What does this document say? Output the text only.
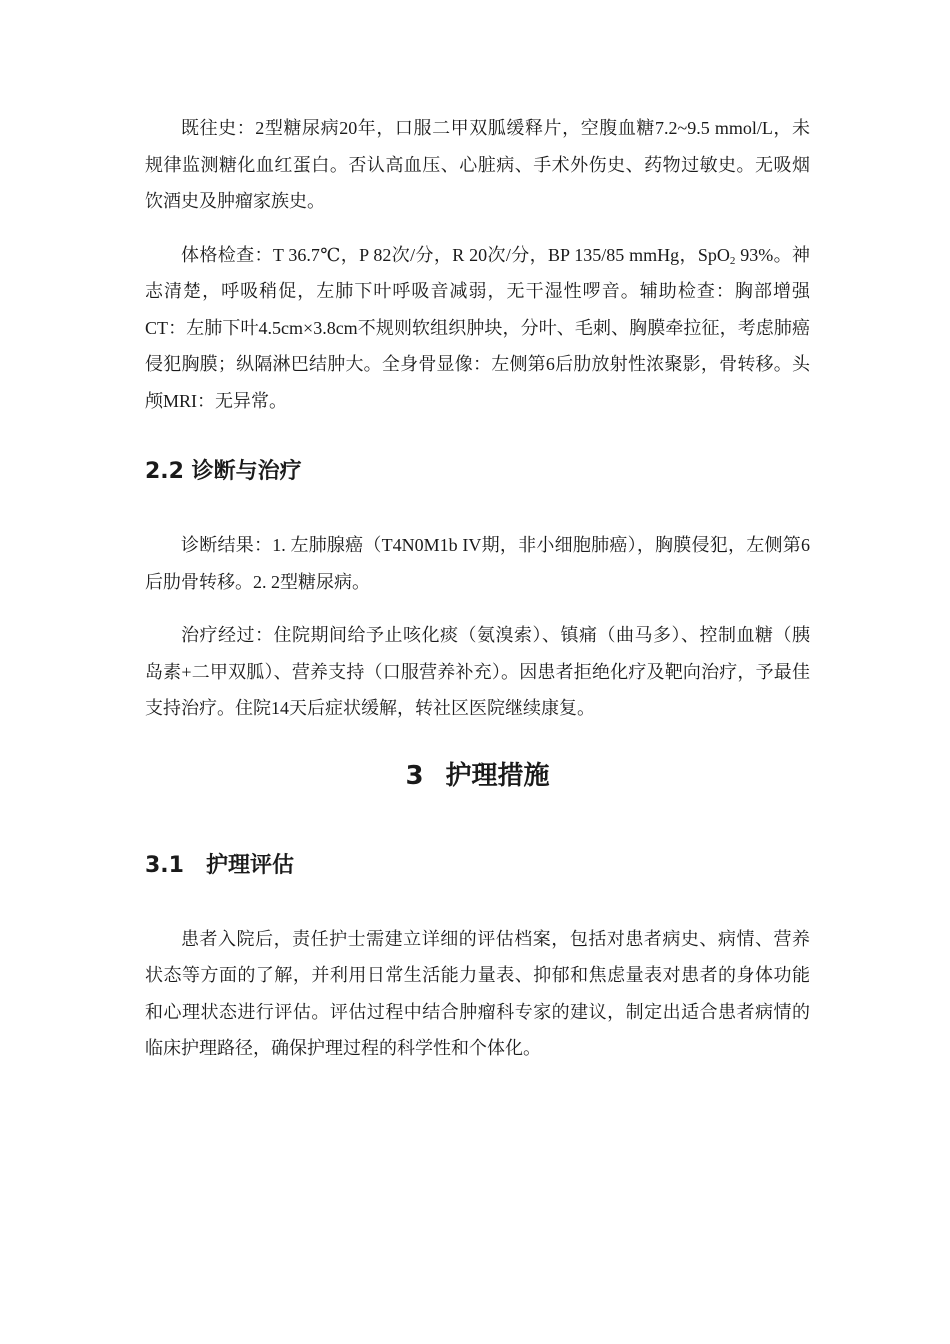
既往史：2型糖尿病20年，口服二甲双胍缓释片，空腹血糖7.2~9.5 mmol/L，未规律监测糖化血红蛋白。否认高血压、心脏病、手术外伤史、药物过敏史。无吸烟饮酒史及肿瘤家族史。

体格检查：T 36.7℃，P 82次/分，R 20次/分，BP 135/85 mmHg，SpO$_2$ 93%。神志清楚，呼吸稍促，左肺下叶呼吸音减弱，无干湿性啰音。辅助检查：胸部增强CT：左肺下叶4.5cm×3.8cm不规则软组织肿块，分叶、毛刺、胸膜牵拉征，考虑肺癌侵犯胸膜；纵隔淋巴结肿大。全身骨显像：左侧第6后肋放射性浓聚影，骨转移。头颅MRI：无异常。

2.2 诊断与治疗

诊断结果：1. 左肺腺癌（T4N0M1b IV期，非小细胞肺癌），胸膜侵犯，左侧第6后肋骨转移。2. 2型糖尿病。

治疗经过：住院期间给予止咳化痰（氨溴索）、镇痛（曲马多）、控制血糖（胰岛素+二甲双胍）、营养支持（口服营养补充）。因患者拒绝化疗及靶向治疗，予最佳支持治疗。住院14天后症状缓解，转社区医院继续康复。

3 护理措施
3.1 护理评估

患者入院后，责任护士需建立详细的评估档案，包括对患者病史、病情、营养状态等方面的了解，并利用日常生活能力量表、抑郁和焦虑量表对患者的身体功能和心理状态进行评估。评估过程中结合肿瘤科专家的建议，制定出适合患者病情的临床护理路径，确保护理过程的科学性和个体化。
